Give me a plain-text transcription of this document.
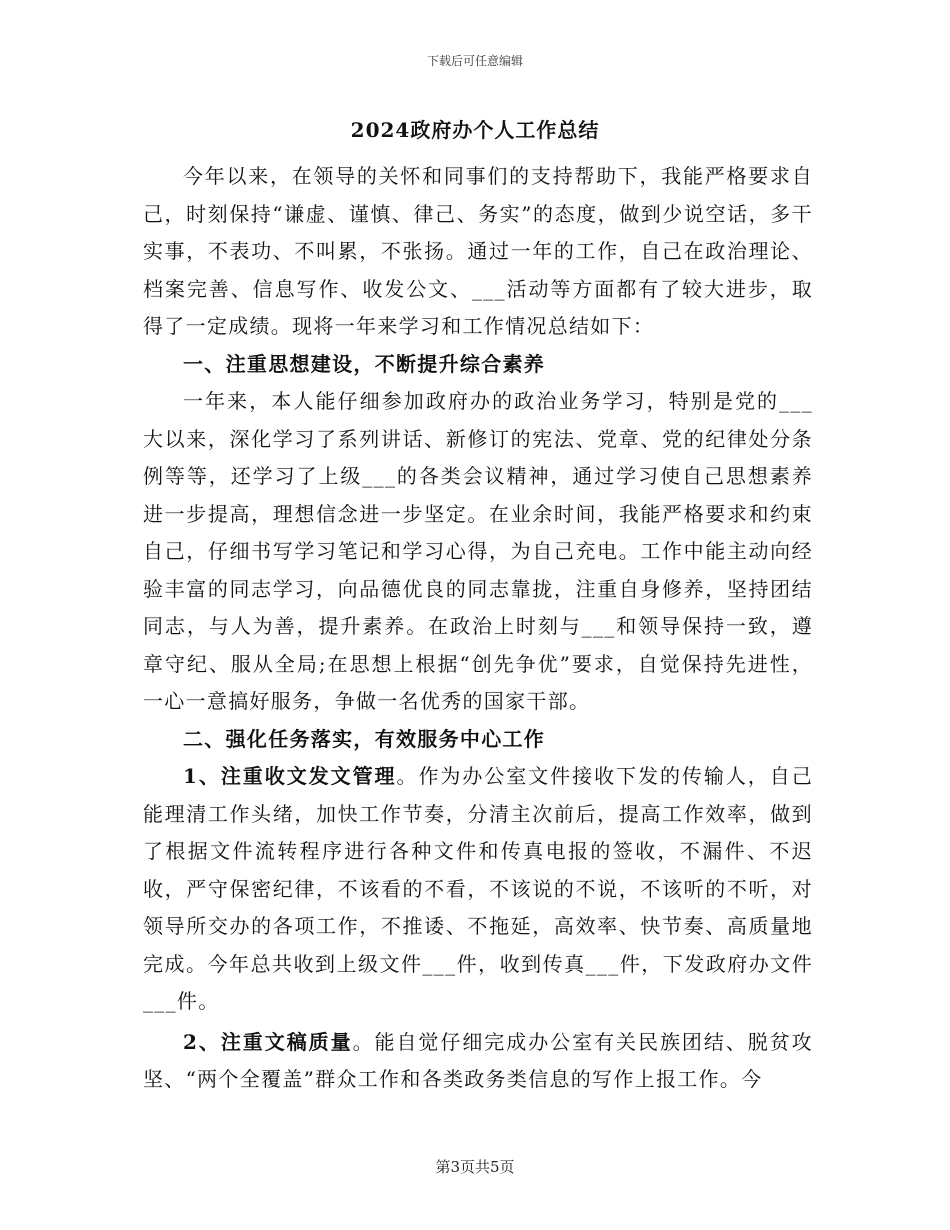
下载后可任意编辑
2024政府办个人工作总结

今年以来，在领导的关怀和同事们的支持帮助下，我能严格要求自己，时刻保持“谦虚、谨慎、律己、务实”的态度，做到少说空话，多干实事，不表功、不叫累，不张扬。通过一年的工作，自己在政治理论、档案完善、信息写作、收发公文、___活动等方面都有了较大进步，取得了一定成绩。现将一年来学习和工作情况总结如下：

一、注重思想建设，不断提升综合素养

一年来，本人能仔细参加政府办的政治业务学习，特别是党的___大以来，深化学习了系列讲话、新修订的宪法、党章、党的纪律处分条例等等，还学习了上级___的各类会议精神，通过学习使自己思想素养进一步提高，理想信念进一步坚定。在业余时间，我能严格要求和约束自己，仔细书写学习笔记和学习心得，为自己充电。工作中能主动向经验丰富的同志学习，向品德优良的同志靠拢，注重自身修养，坚持团结同志，与人为善，提升素养。在政治上时刻与___和领导保持一致，遵章守纪、服从全局;在思想上根据“创先争优”要求，自觉保持先进性，一心一意搞好服务，争做一名优秀的国家干部。

二、强化任务落实，有效服务中心工作

1、注重收文发文管理。作为办公室文件接收下发的传输人，自己能理清工作头绪，加快工作节奏，分清主次前后，提高工作效率，做到了根据文件流转程序进行各种文件和传真电报的签收，不漏件、不迟收，严守保密纪律，不该看的不看，不该说的不说，不该听的不听，对领导所交办的各项工作，不推诿、不拖延，高效率、快节奏、高质量地完成。今年总共收到上级文件___件，收到传真___件，下发政府办文件___件。

2、注重文稿质量。能自觉仔细完成办公室有关民族团结、脱贫攻坚、“两个全覆盖”群众工作和各类政务类信息的写作上报工作。今

第3页共5页
